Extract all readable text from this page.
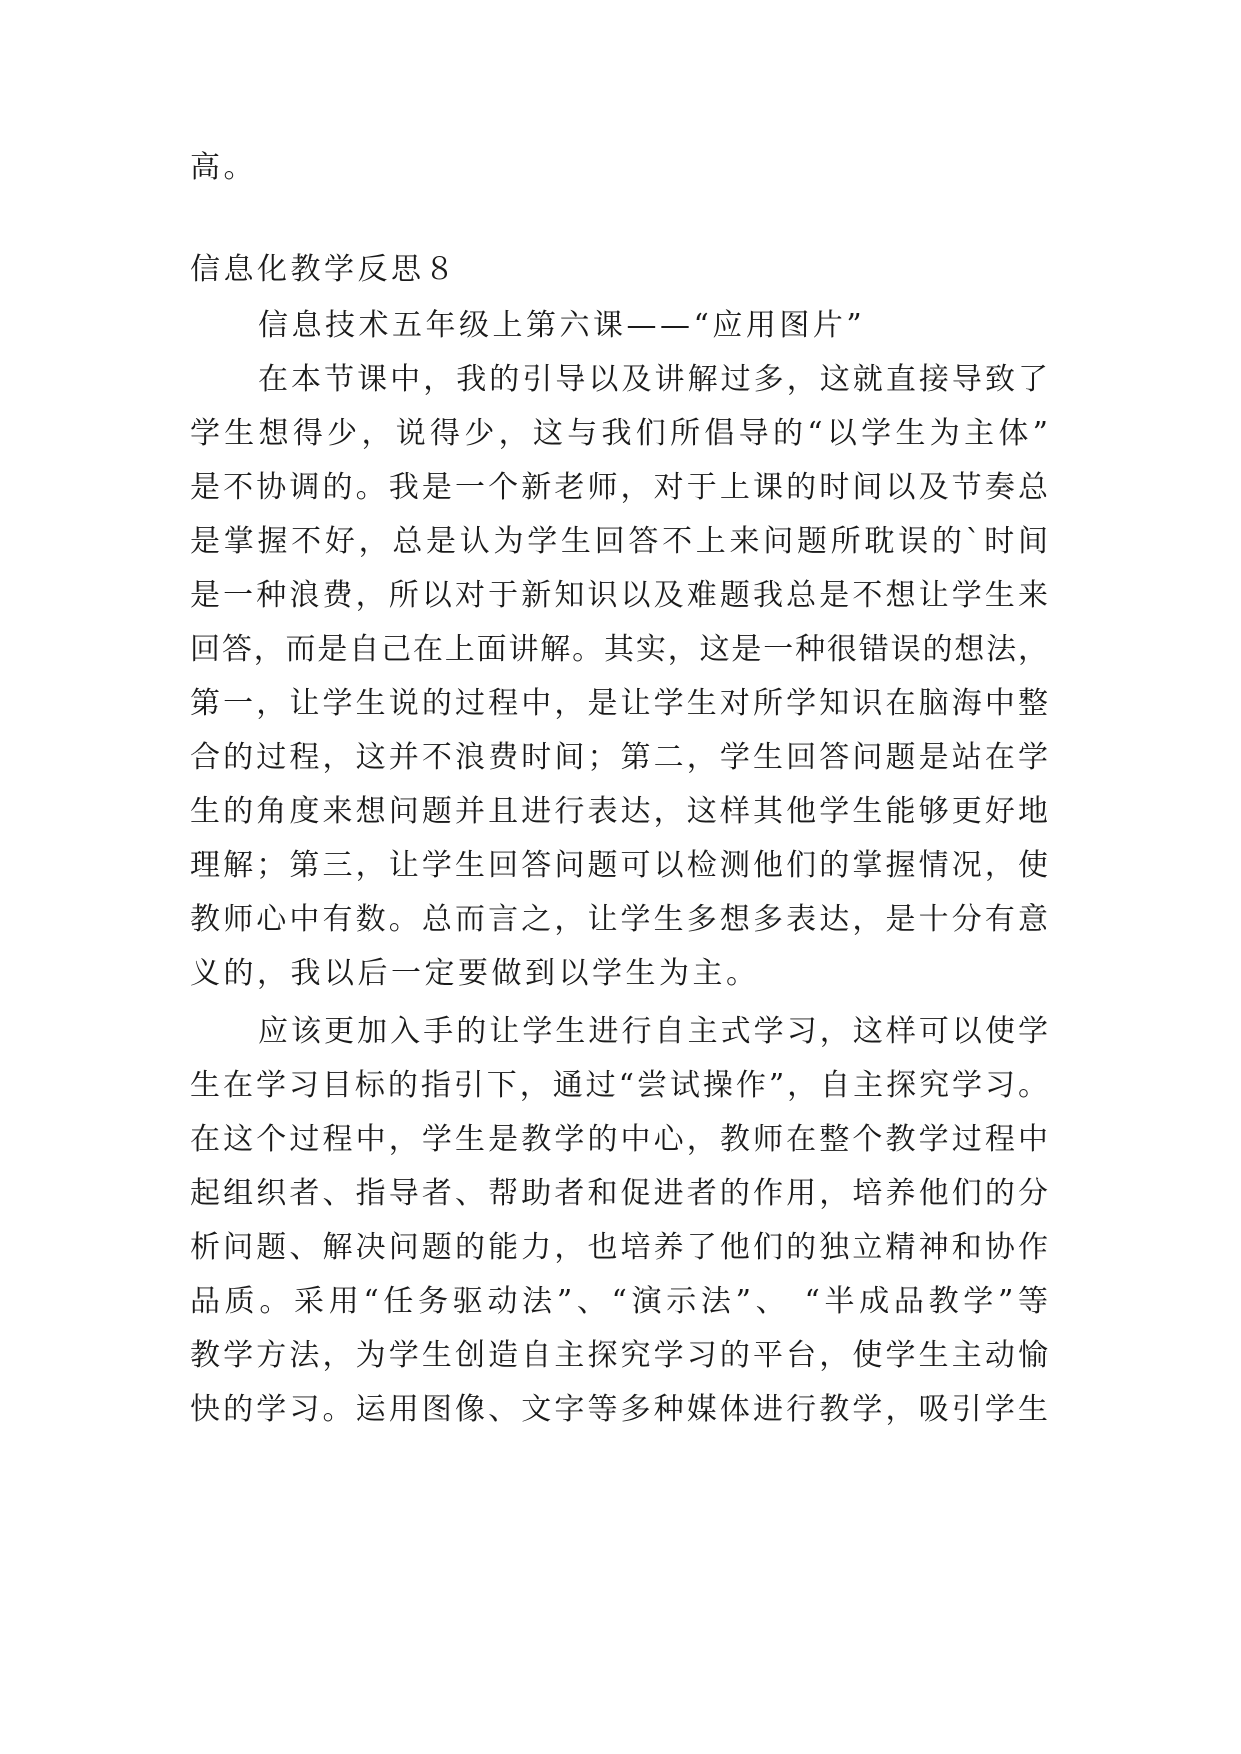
高。
信息化教学反思８
信息技术五年级上第六课——“应用图片”
在本节课中，我的引导以及讲解过多，这就直接导致了
学生想得少，说得少，这与我们所倡导的“以学生为主体”
是不协调的。我是一个新老师，对于上课的时间以及节奏总
是掌握不好，总是认为学生回答不上来问题所耽误的`时间
是一种浪费，所以对于新知识以及难题我总是不想让学生来
回答，而是自己在上面讲解。其实，这是一种很错误的想法，
第一，让学生说的过程中，是让学生对所学知识在脑海中整
合的过程，这并不浪费时间；第二，学生回答问题是站在学
生的角度来想问题并且进行表达，这样其他学生能够更好地
理解；第三，让学生回答问题可以检测他们的掌握情况，使
教师心中有数。总而言之，让学生多想多表达，是十分有意
义的，我以后一定要做到以学生为主。
应该更加入手的让学生进行自主式学习，这样可以使学
生在学习目标的指引下，通过“尝试操作”，自主探究学习。
在这个过程中，学生是教学的中心，教师在整个教学过程中
起组织者、指导者、帮助者和促进者的作用，培养他们的分
析问题、解决问题的能力，也培养了他们的独立精神和协作
品质。采用“任务驱动法”、“演示法”、 “半成品教学”等
教学方法，为学生创造自主探究学习的平台，使学生主动愉
快的学习。运用图像、文字等多种媒体进行教学，吸引学生
